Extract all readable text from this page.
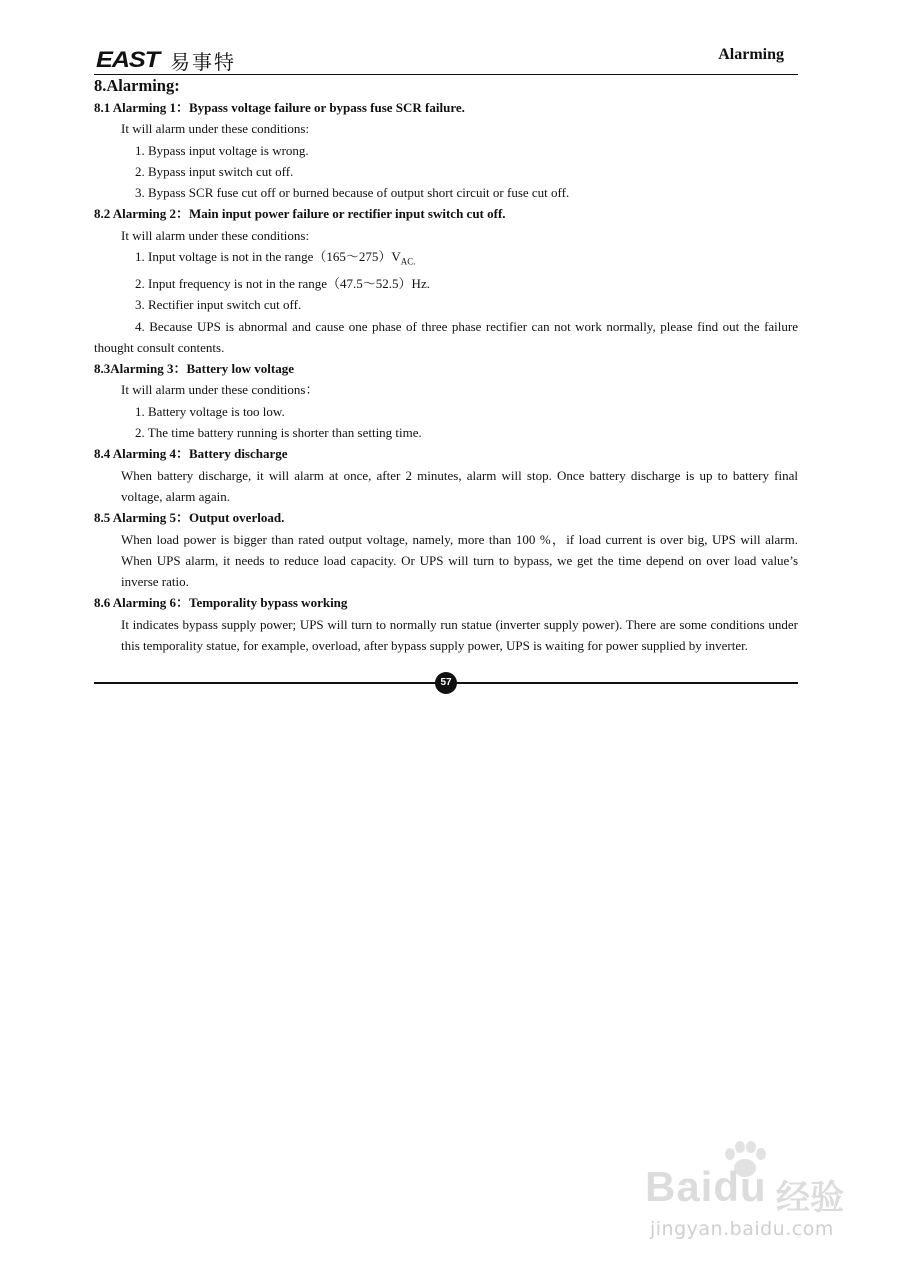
EAST 易事特	Alarming

8.Alarming:

8.1 Alarming 1：Bypass voltage failure or bypass fuse SCR failure.

It will alarm under these conditions:

1. Bypass input voltage is wrong.

2. Bypass input switch cut off.

3. Bypass SCR fuse cut off or burned because of output short circuit or fuse cut off.

8.2 Alarming 2：Main input power failure or rectifier input switch cut off.

It will alarm under these conditions:

1. Input voltage is not in the $range(165\sim 275)V_{AC.}$

2. Input frequency is not in the range（47.5～52.5）Hz.

3. Rectifier input switch cut off.

4. Because UPS is abnormal and cause one phase of three phase rectifier can not work normally, please find out the failure thought consult contents.

8.3Alarming 3：Battery low voltage

It will alarm under these conditions：

1. Battery voltage is too low.

2. The time battery running is shorter than setting time.

8.4 Alarming 4：Battery discharge

When battery discharge, it will alarm at once, after 2 minutes, alarm will stop. Once battery discharge is up to battery final voltage, alarm again.

8.5 Alarming 5：Output overload.

When load power is bigger than rated output voltage, namely, more than 100 %，if load current is over big, UPS will alarm. When UPS alarm, it needs to reduce load capacity. Or UPS will turn to bypass, we get the time depend on over load value’s inverse ratio.

8.6 Alarming 6：Temporality bypass working

It indicates bypass supply power; UPS will turn to normally run statue (inverter supply power). There are some conditions under this temporality statue, for example, overload, after bypass supply power, UPS is waiting for power supplied by inverter.

57
Baidu 经验
jingyan.baidu.com
